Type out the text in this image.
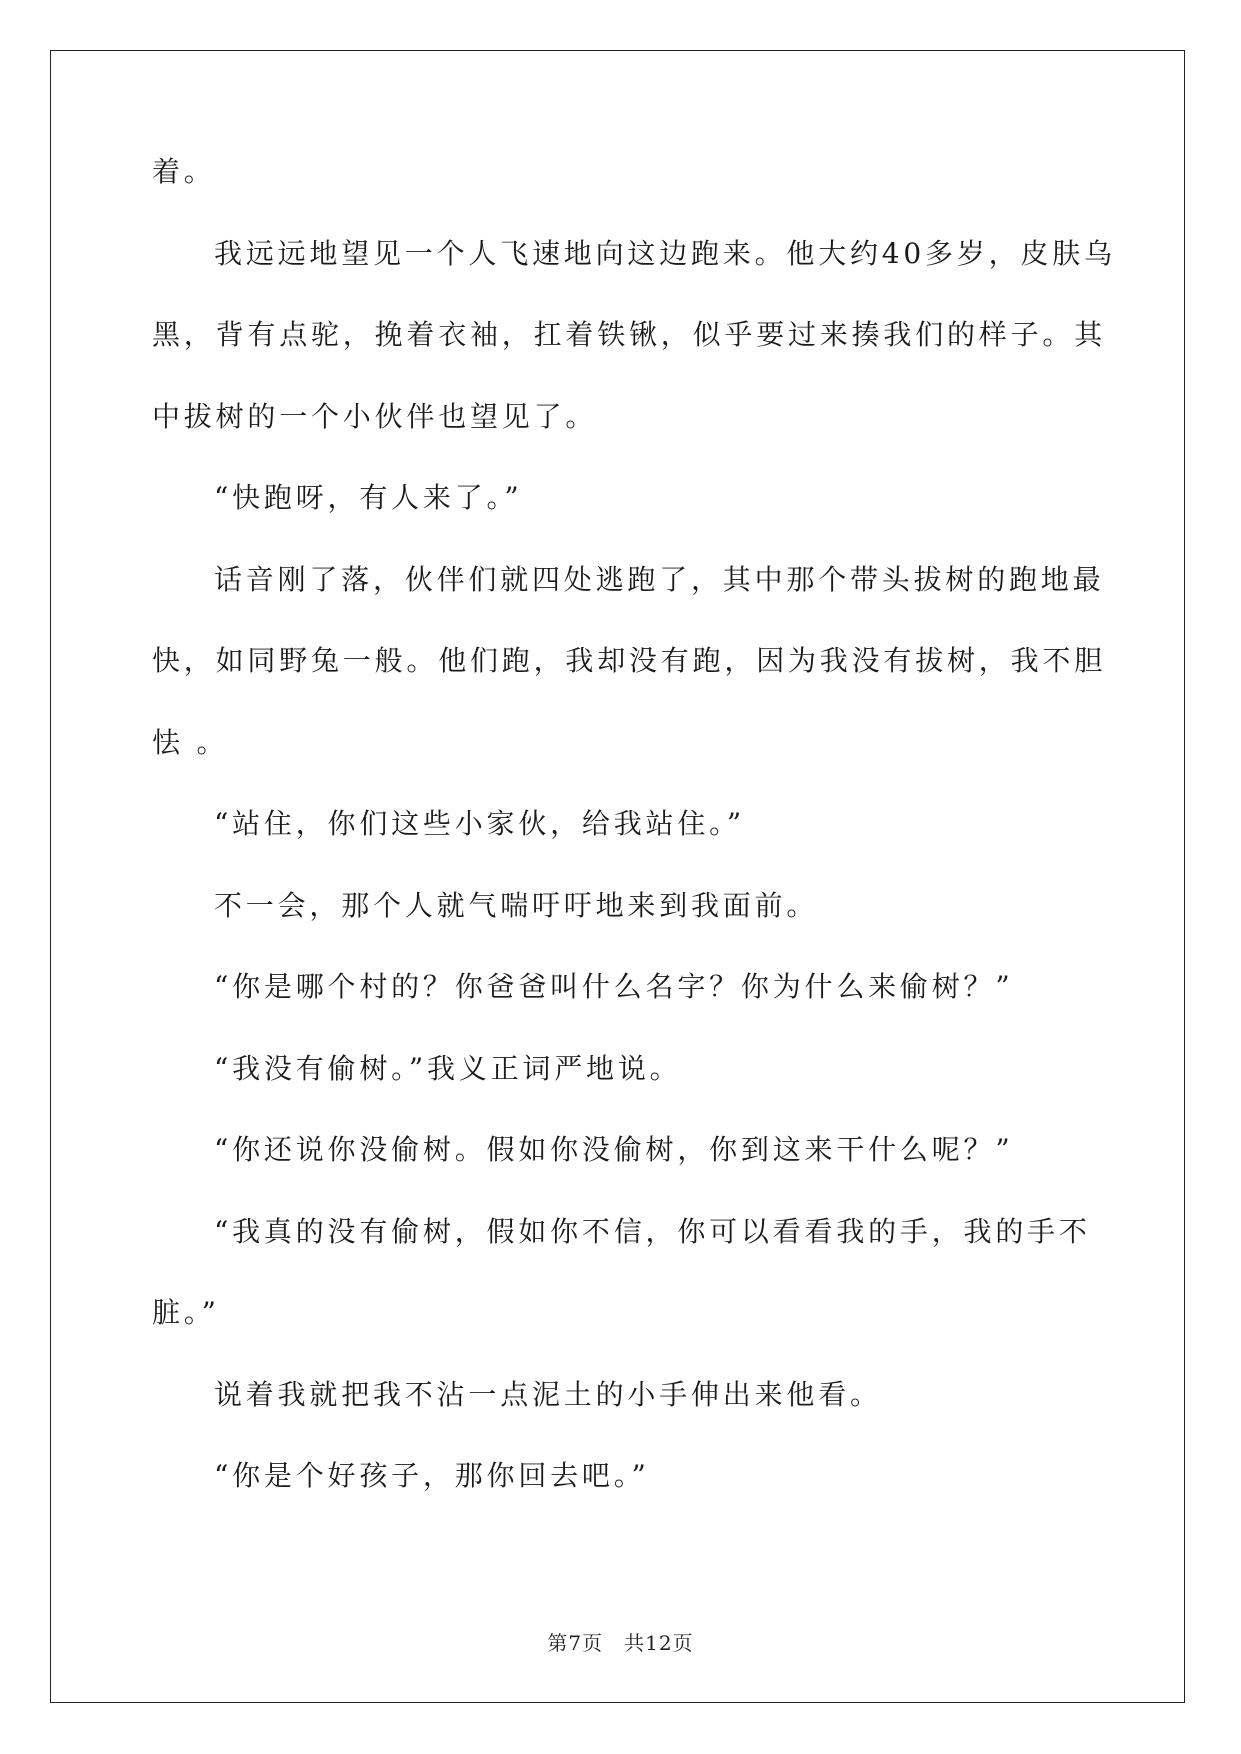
着。
我远远地望见一个人飞速地向这边跑来。他大约40多岁，皮肤乌
黑，背有点驼，挽着衣袖，扛着铁锹，似乎要过来揍我们的样子。其
中拔树的一个小伙伴也望见了。
“快跑呀，有人来了。”
话音刚了落，伙伴们就四处逃跑了，其中那个带头拔树的跑地最
快，如同野兔一般。他们跑，我却没有跑，因为我没有拔树，我不胆
怯 。
“站住，你们这些小家伙，给我站住。”
不一会，那个人就气喘吁吁地来到我面前。
“你是哪个村的？你爸爸叫什么名字？你为什么来偷树？”
“我没有偷树。”我义正词严地说。
“你还说你没偷树。假如你没偷树，你到这来干什么呢？”
“我真的没有偷树，假如你不信，你可以看看我的手，我的手不
脏。”
说着我就把我不沾一点泥土的小手伸出来他看。
“你是个好孩子，那你回去吧。”
第7页　共12页
